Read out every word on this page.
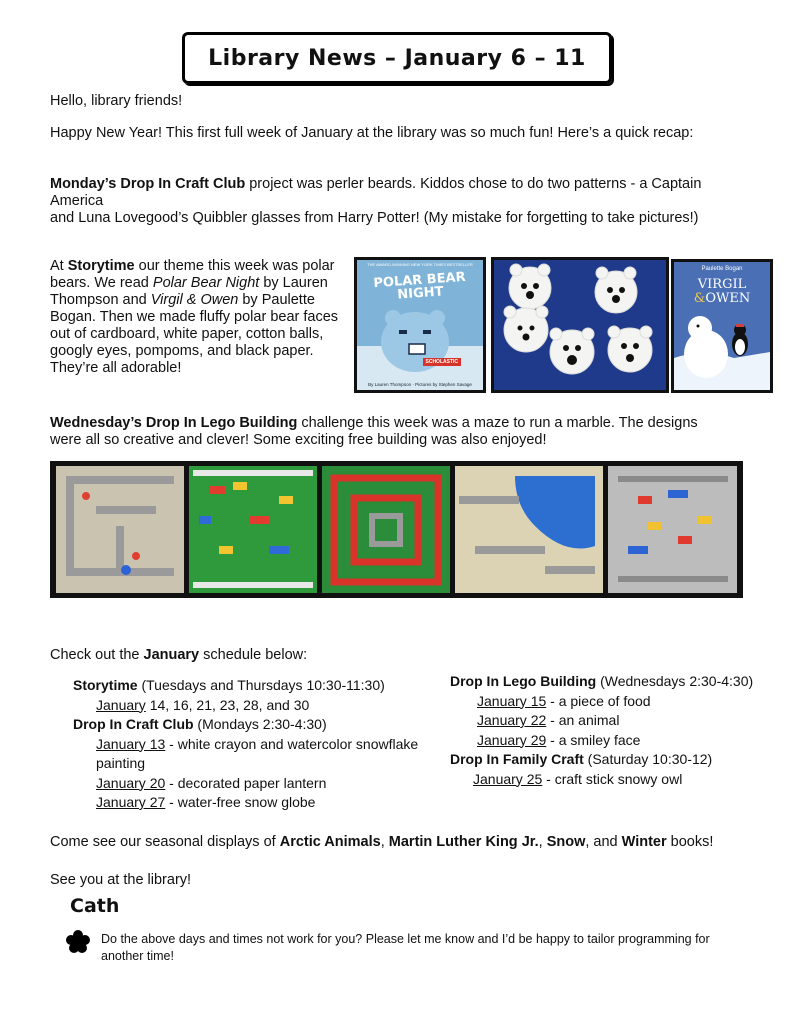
Library News – January 6 – 11
Hello, library friends!
Happy New Year! This first full week of January at the library was so much fun! Here’s a quick recap:
Monday’s Drop In Craft Club project was perler beards. Kiddos chose to do two patterns - a Captain America
and Luna Lovegood’s Quibbler glasses from Harry Potter! (My mistake for forgetting to take pictures!)
At Storytime our theme this week was polar bears. We read Polar Bear Night by Lauren Thompson and Virgil & Owen by Paulette Bogan. Then we made fluffy polar bear faces out of cardboard, white paper, cotton balls, googly eyes, pompoms, and black paper. They’re all adorable!
THE AWARD-WINNING NEW YORK TIMES BESTSELLER
POLAR BEAR NIGHT
SCHOLASTIC
By Lauren Thompson · Pictures by Stephen Savage
Paulette Bogan
VIRGIL
&OWEN
Wednesday’s Drop In Lego Building challenge this week was a maze to run a marble. The designs
were all so creative and clever! Some exciting free building was also enjoyed!
Check out the January schedule below:
Storytime (Tuesdays and Thursdays 10:30-11:30)
January 14, 16, 21, 23, 28, and 30
Drop In Craft Club (Mondays 2:30-4:30)
January 13 - white crayon and watercolor snowflake painting
January 20 - decorated paper lantern
January 27 - water-free snow globe
Drop In Lego Building (Wednesdays 2:30-4:30)
January 15 - a piece of food
January 22 - an animal
January 29 - a smiley face
Drop In Family Craft (Saturday 10:30-12)
January 25 - craft stick snowy owl
Come see our seasonal displays of Arctic Animals, Martin Luther King Jr., Snow, and Winter books!
See you at the library!
Cath
Do the above days and times not work for you? Please let me know and I’d be happy to tailor programming for
another time!
